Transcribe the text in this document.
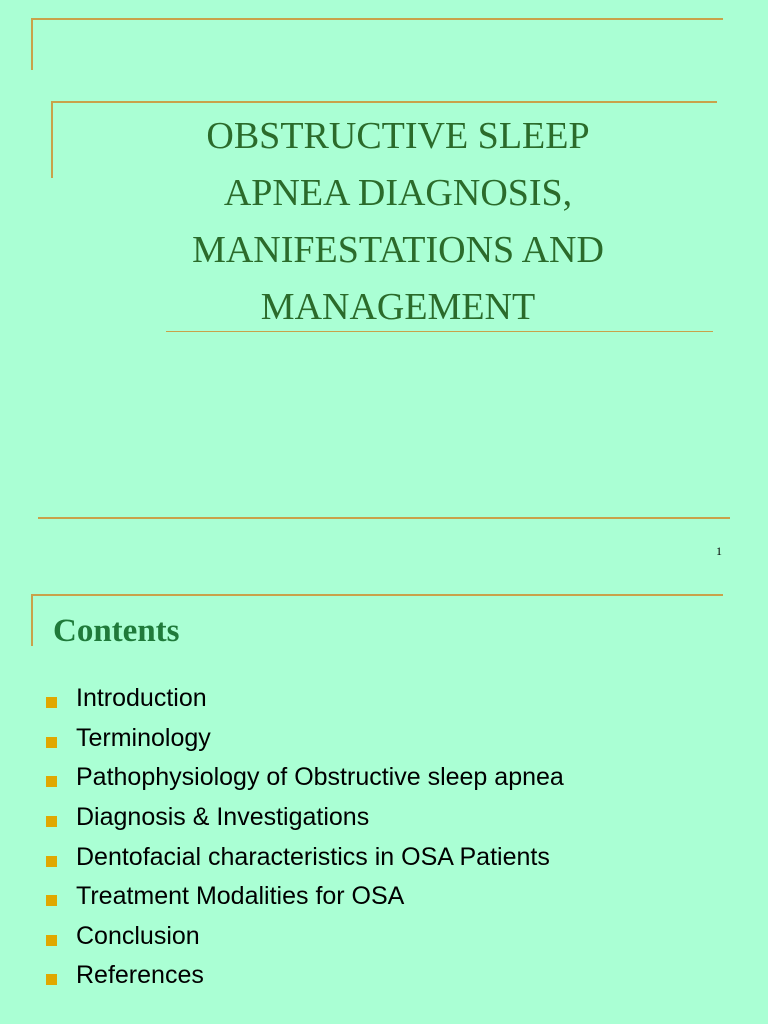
OBSTRUCTIVE SLEEP
APNEA DIAGNOSIS,
MANIFESTATIONS AND
MANAGEMENT
1
Contents
Introduction
Terminology
Pathophysiology of Obstructive sleep apnea
Diagnosis & Investigations
Dentofacial characteristics in OSA Patients
Treatment Modalities for OSA
Conclusion
References
